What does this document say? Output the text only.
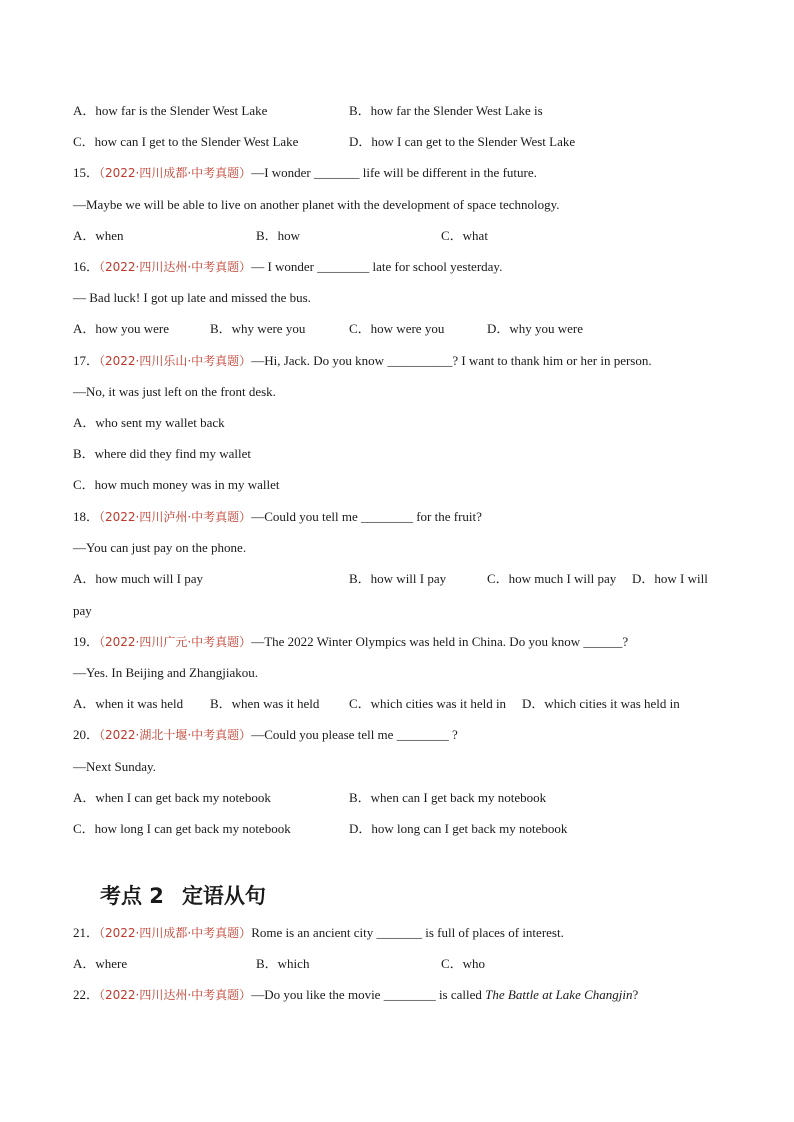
A．how far is the Slender West Lake	B．how far the Slender West Lake is
C．how can I get to the Slender West Lake	D．how I can get to the Slender West Lake
15．（2022·四川成都·中考真题）—I wonder _______ life will be different in the future.
—Maybe we will be able to live on another planet with the development of space technology.
A．when	B．how	C．what
16．（2022·四川达州·中考真题）— I wonder ________ late for school yesterday.
— Bad luck! I got up late and missed the bus.
A．how you were	B．why were you	C．how were you	D．why you were
17．（2022·四川乐山·中考真题）—Hi, Jack. Do you know __________? I want to thank him or her in person.
—No, it was just left on the front desk.
A．who sent my wallet back
B．where did they find my wallet
C．how much money was in my wallet
18．（2022·四川泸州·中考真题）—Could you tell me ________ for the fruit?
—You can just pay on the phone.
A．how much will I pay	B．how will I pay	C．how much I will pay D．how I will
pay
19．（2022·四川广元·中考真题）—The 2022 Winter Olympics was held in China. Do you know ______?
—Yes. In Beijing and Zhangjiakou.
A．when it was held B．when was it held C．which cities was it held in D．which cities it was held in
20．（2022·湖北十堰·中考真题）—Could you please tell me ________ ?
—Next Sunday.
A．when I can get back my notebook	B．when can I get back my notebook
C．how long I can get back my notebook	D．how long can I get back my notebook
考点 2 定语从句
21．（2022·四川成都·中考真题）Rome is an ancient city _______ is full of places of interest.
A．where	B．which	C．who
22．（2022·四川达州·中考真题）—Do you like the movie ________ is called The Battle at Lake Changjin?
